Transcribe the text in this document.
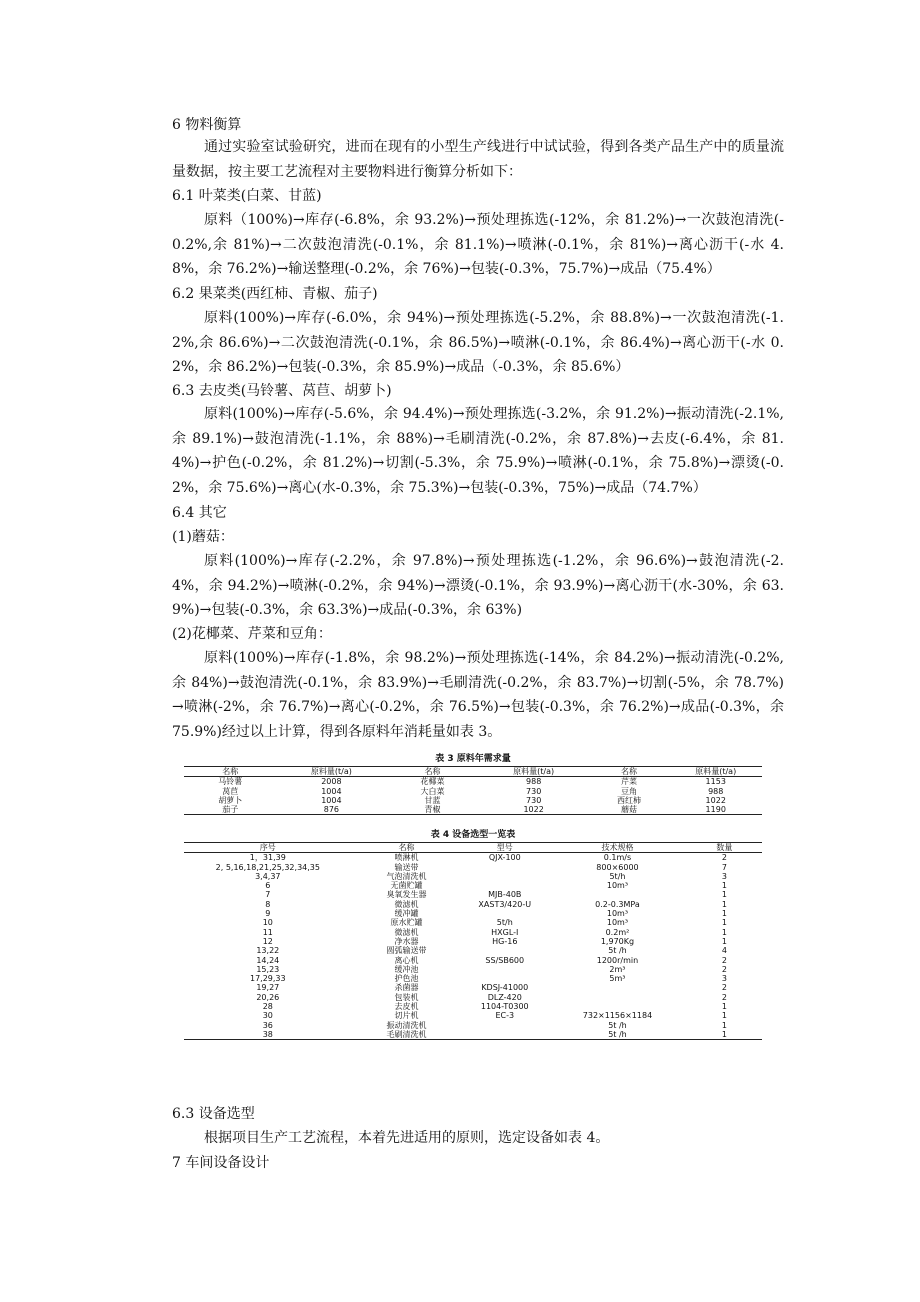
6 物料衡算

通过实验室试验研究，进而在现有的小型生产线进行中试试验，得到各类产品生产中的质量流量数据，按主要工艺流程对主要物料进行衡算分析如下：

6.1 叶菜类(白菜、甘蓝)

原料（100%)→库存(-6.8%，余 93.2%)→预处理拣选(-12%，余 81.2%)→一次鼓泡清洗(-0.2%,余 81%)→二次鼓泡清洗(-0.1%，余 81.1%)→喷淋(-0.1%，余 81%)→离心沥干(-水 4.8%，余 76.2%)→输送整理(-0.2%，余 76%)→包装(-0.3%，75.7%)→成品（75.4%）

6.2 果菜类(西红柿、青椒、茄子)

原料(100%)→库存(-6.0%，余 94%)→预处理拣选(-5.2%，余 88.8%)→一次鼓泡清洗(-1.2%,余 86.6%)→二次鼓泡清洗(-0.1%，余 86.5%)→喷淋(-0.1%，余 86.4%)→离心沥干(-水 0.2%，余 86.2%)→包装(-0.3%，余 85.9%)→成品（-0.3%，余 85.6%）

6.3 去皮类(马铃薯、莴苣、胡萝卜)

原料(100%)→库存(-5.6%，余 94.4%)→预处理拣选(-3.2%，余 91.2%)→振动清洗(-2.1%,余 89.1%)→鼓泡清洗(-1.1%，余 88%)→毛刷清洗(-0.2%，余 87.8%)→去皮(-6.4%，余 81.4%)→护色(-0.2%，余 81.2%)→切割(-5.3%，余 75.9%)→喷淋(-0.1%，余 75.8%)→漂烫(-0.2%，余 75.6%)→离心(水-0.3%，余 75.3%)→包装(-0.3%，75%)→成品（74.7%）

6.4 其它
(1)蘑菇：

原料(100%)→库存(-2.2%，余 97.8%)→预处理拣选(-1.2%，余 96.6%)→鼓泡清洗(-2.4%，余 94.2%)→喷淋(-0.2%，余 94%)→漂烫(-0.1%，余 93.9%)→离心沥干(水-30%，余 63.9%)→包装(-0.3%，余 63.3%)→成品(-0.3%，余 63%)

(2)花椰菜、芹菜和豆角：

原料(100%)→库存(-1.8%，余 98.2%)→预处理拣选(-14%，余 84.2%)→振动清洗(-0.2%,余 84%)→鼓泡清洗(-0.1%，余 83.9%)→毛刷清洗(-0.2%，余 83.7%)→切割(-5%，余 78.7%)→喷淋(-2%，余 76.7%)→离心(-0.2%，余 76.5%)→包装(-0.3%，余 76.2%)→成品(-0.3%，余 75.9%)经过以上计算，得到各原料年消耗量如表 3。

表 3 原料年需求量
名称	原料量(t/a)	名称	原料量(t/a)	名称	原料量(t/a)
马铃薯	2008	花椰菜	988	芹菜	1153
莴苣	1004	大白菜	730	豆角	988
胡萝卜	1004	甘蓝	730	西红柿	1022
茄子	876	青椒	1022	蘑菇	1190
表 4 设备选型一览表
序号	名称	型号	技术规格	数量
1，31,39	喷淋机	QJX-100	0.1m/s	2
2, 5,16,18,21,25,32,34,35	输送带		800×6000	7
3,4,37	气泡清洗机		5t/h	3
6	无菌贮罐		10m³	1
7	臭氧发生器	MJB-40B		1
8	微滤机	XAST3/420-U	0.2-0.3MPa	1
9	缓冲罐		10m³	1
10	原水贮罐	5t/h	10m³	1
11	微滤机	HXGL-I	0.2m²	1
12	净水器	HG-16	1,970Kg	1
13,22	圆弧输送带		5t /h	4
14,24	离心机	SS/SB600	1200r/min	2
15,23	缓冲池		2m³	2
17,29,33	护色池		5m³	3
19,27	杀菌器	KDSJ-41000		2
20,26	包装机	DLZ-420		2
28	去皮机	1104-T0300		1
30	切片机	EC-3	732×1156×1184	1
36	振动清洗机		5t /h	1
38	毛刷清洗机		5t /h	1
6.3 设备选型

根据项目生产工艺流程，本着先进适用的原则，选定设备如表 4。

7 车间设备设计
